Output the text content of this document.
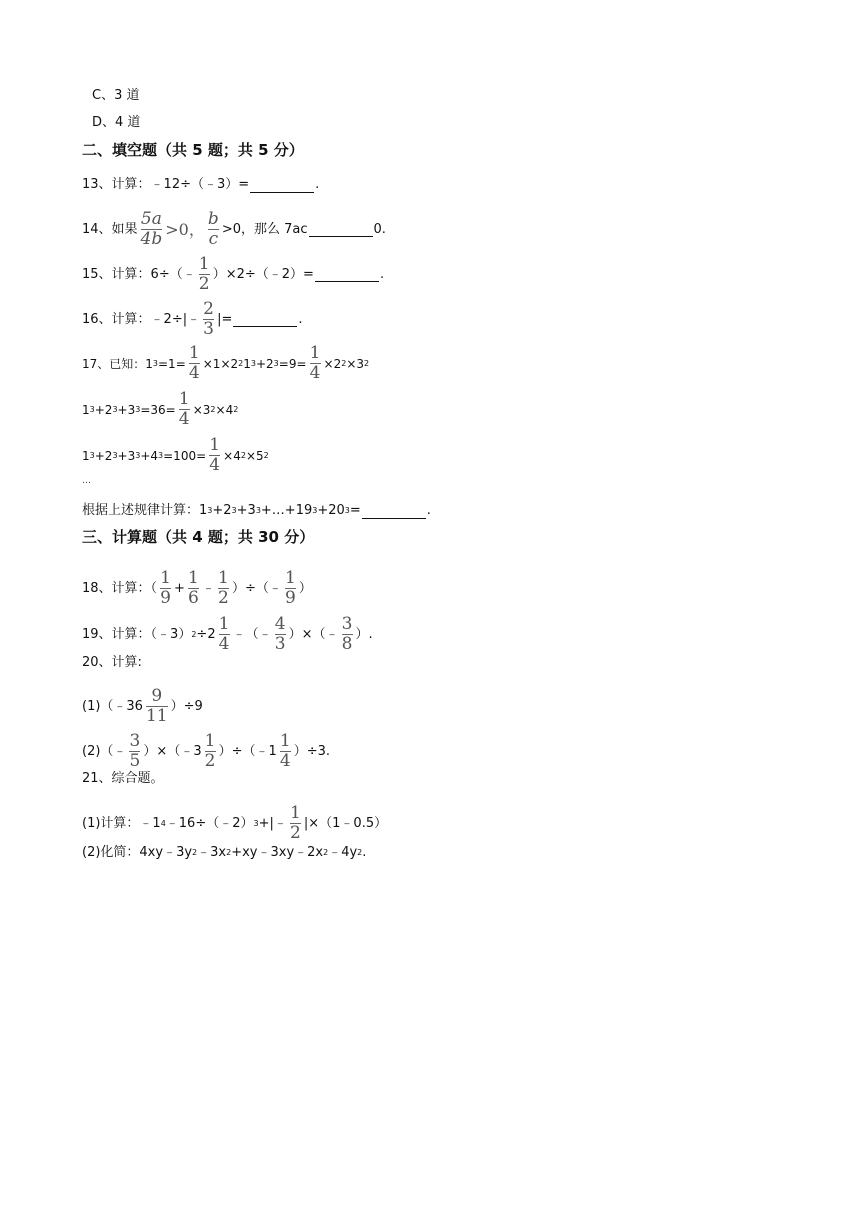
C、3 道
D、4 道
二、填空题（共 5 题；共 5 分）
13、计算：﹣12÷（﹣3）=	.
14、如果 $\frac{5a}{4b} >0$， $\frac{b}{c} >0$，那么 7ac	0.
15、计算：6÷（﹣ $\frac{1}{2}$ ）×2÷（﹣2）=	.
16、计算：﹣2÷|﹣ $\frac{2}{3}$ |=	.
17、已知：1 $3 =1= \frac{1}{4} \times 1\times 2$ 2 1 3 +2 $3 =9= \frac{1}{4} \times 2$ 2 ×3 2
1 3 +2 3 +3 $3 =36= \frac{1}{4} \times 3$ 2 ×4 2
1 3 +2 3 +3 3 +4 $3 =100= \frac{1}{4} \times 4$ 2 ×5 2
…
根据上述规律计算：1 3 +2 3 +3 3 +…+19 3 +20 3 =	.
三、计算题（共 4 题；共 30 分）
18、计算：（ $\frac{1}{9} + \frac{1}{6}$ ﹣ $\frac{1}{2}$ ）÷（﹣ $\frac{1}{9}$ ）
19、计算：（﹣3） $2 \div 2 \frac{1}{4}$ ﹣（﹣ $\frac{4}{3}$ ）×（﹣ $\frac{3}{8}$ ）.
20、计算:
(1)（﹣36 $\frac{9}{11} )\div 9$
(2)（﹣ $\frac{3}{5}$ ）×（﹣3 $\frac{1}{2}$ ）÷（﹣1 $\frac{1}{4} )\div 3$.
21、综合题。
(1)计算：﹣1 4 ﹣16÷（﹣2） 3 +|﹣ $\frac{1}{2}$ |×（1﹣0.5）
(2)化简：4xy﹣3y 2 ﹣3x 2 +xy﹣3xy﹣2x 2 ﹣4y 2 .
